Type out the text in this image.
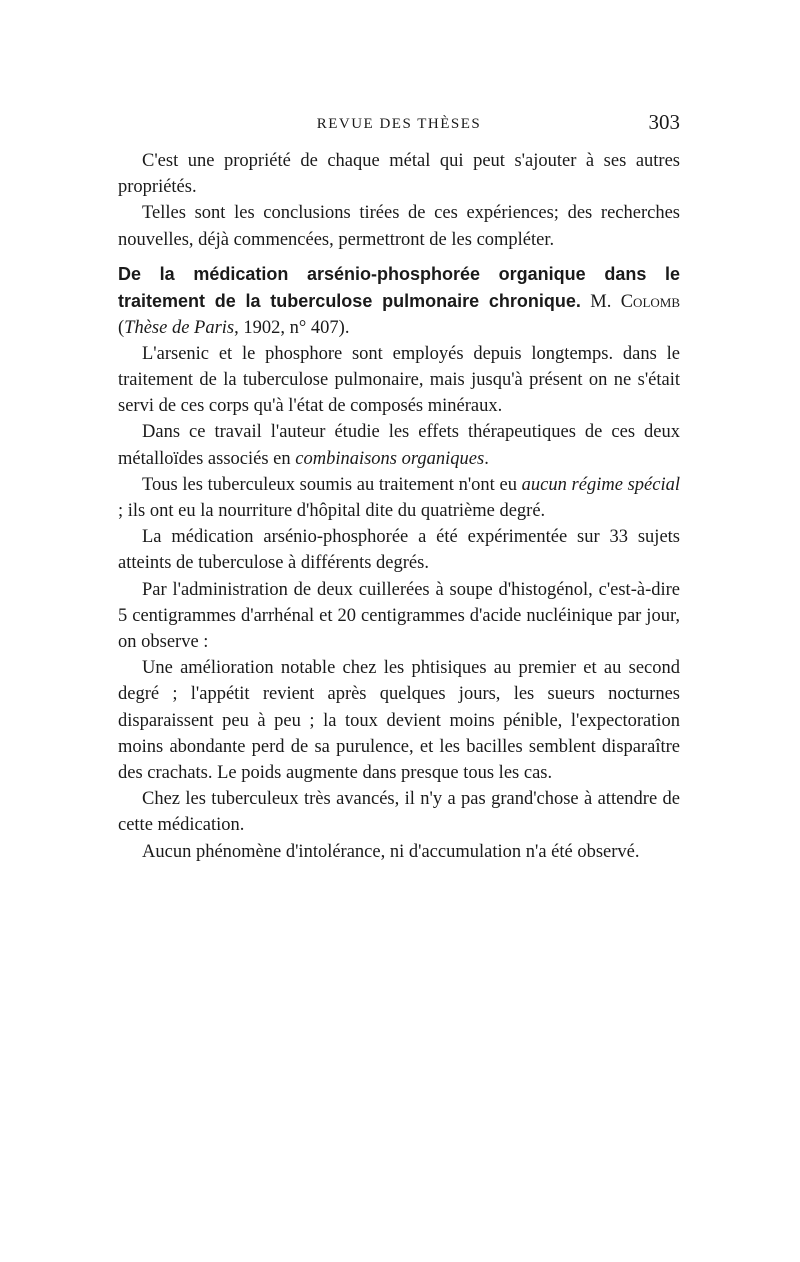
REVUE DES THÈSES	303

C'est une propriété de chaque métal qui peut s'ajouter à ses autres propriétés.

Telles sont les conclusions tirées de ces expériences; des recherches nouvelles, déjà commencées, permettront de les compléter.

De la médication arsénio-phosphorée organique dans le traitement de la tuberculose pulmonaire chronique. M. Colomb (Thèse de Paris, 1902, n° 407).

L'arsenic et le phosphore sont employés depuis longtemps. dans le traitement de la tuberculose pulmonaire, mais jusqu'à présent on ne s'était servi de ces corps qu'à l'état de composés minéraux.

Dans ce travail l'auteur étudie les effets thérapeutiques de ces deux métalloïdes associés en combinaisons organiques.

Tous les tuberculeux soumis au traitement n'ont eu aucun régime spécial ; ils ont eu la nourriture d'hôpital dite du quatrième degré.

La médication arsénio-phosphorée a été expérimentée sur 33 sujets atteints de tuberculose à différents degrés.

Par l'administration de deux cuillerées à soupe d'histogénol, c'est-à-dire 5 centigrammes d'arrhénal et 20 centigrammes d'acide nucléinique par jour, on observe :

Une amélioration notable chez les phtisiques au premier et au second degré ; l'appétit revient après quelques jours, les sueurs nocturnes disparaissent peu à peu ; la toux devient moins pénible, l'expectoration moins abondante perd de sa purulence, et les bacilles semblent disparaître des crachats. Le poids augmente dans presque tous les cas.

Chez les tuberculeux très avancés, il n'y a pas grand'chose à attendre de cette médication.

Aucun phénomène d'intolérance, ni d'accumulation n'a été observé.
